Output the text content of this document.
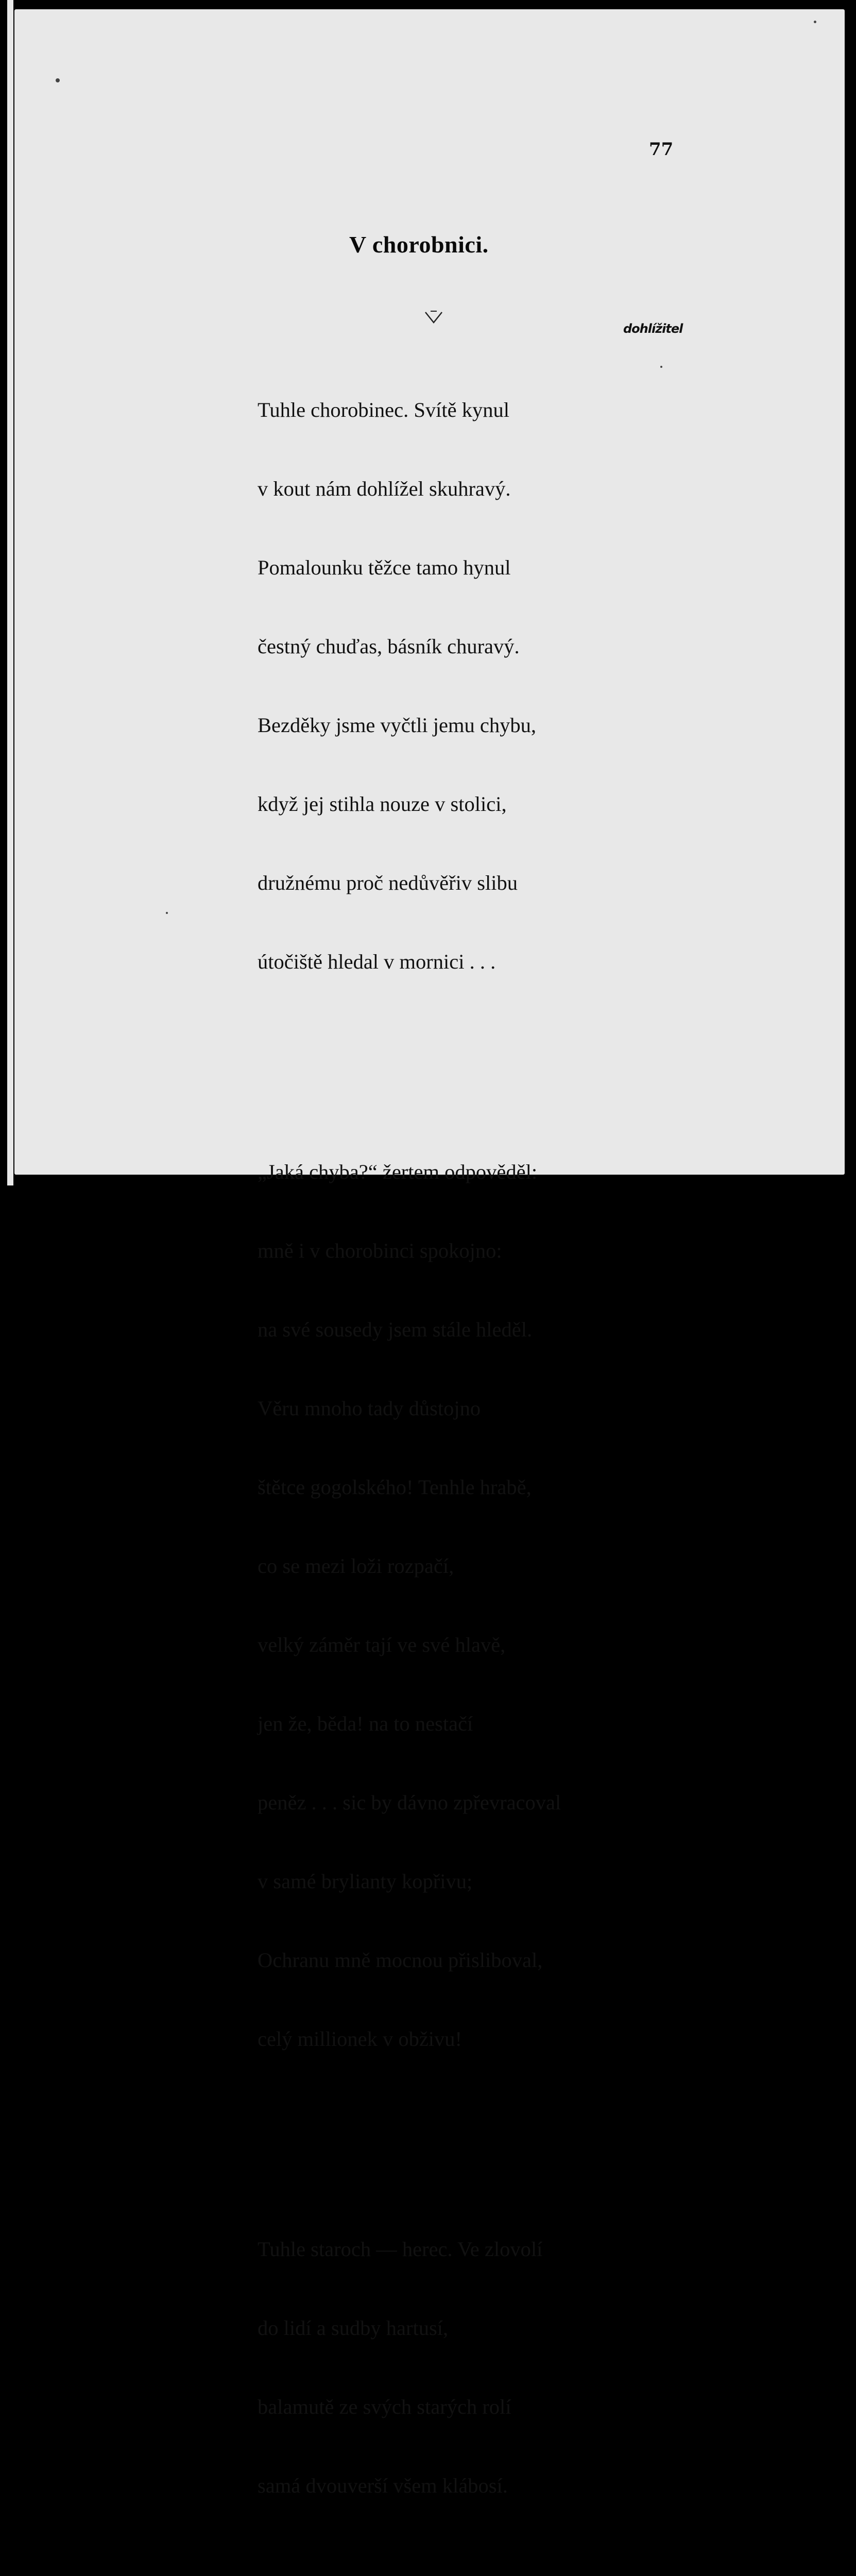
77
V chorobnici.
dohlížitel

Tuhle chorobinec. Svítě kynul

v kout nám dohlížel skuhravý.

Pomalounku těžce tamo hynul

čestný chuďas, básník churavý.

Bezděky jsme vyčtli jemu chybu,

když jej stihla nouze v stolici,

družnému proč nedůvěřiv slibu

útočiště hledal v mornici . . .

„Jaká chyba?“ žertem odpověděl:

mně i v chorobinci spokojno:

na své sousedy jsem stále hleděl.

Věru mnoho tady důstojno

štětce gogolského! Tenhle hrabě,

co se mezi loži rozpačí,

velký záměr tají ve své hlavě,

jen že, běda! na to nestačí

peněz . . . sic by dávno zpřevracoval

v samé brylianty kopřivu;

Ochranu mně mocnou přisliboval,

celý millionek v obživu!

Tuhle staroch — herec. Ve zlovolí

do lidí a sudby hartusí,

balamutě ze svých starých rolí

samá dvouverší všem klábosí.
